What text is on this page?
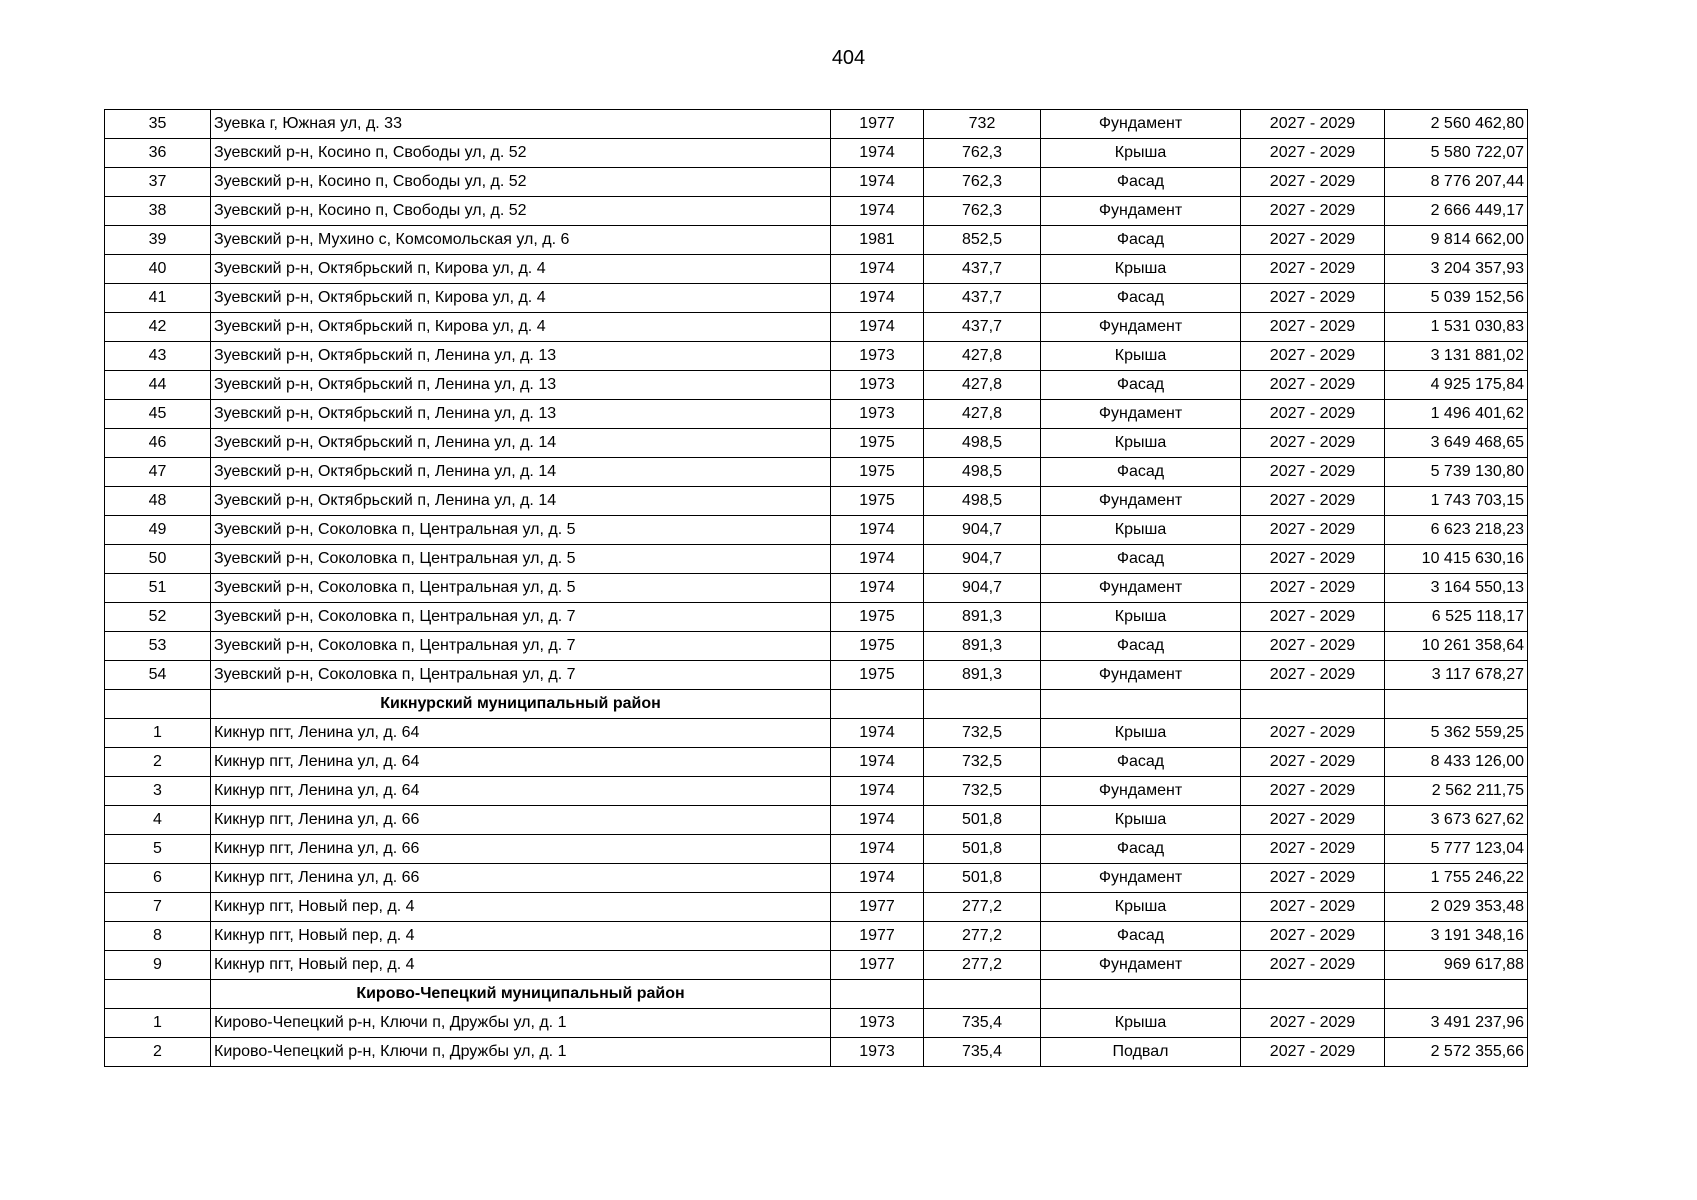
404
35	Зуевка г, Южная ул, д. 33	1977	732	Фундамент	2027 - 2029	2 560 462,80
36	Зуевский р-н, Косино п, Свободы ул, д. 52	1974	762,3	Крыша	2027 - 2029	5 580 722,07
37	Зуевский р-н, Косино п, Свободы ул, д. 52	1974	762,3	Фасад	2027 - 2029	8 776 207,44
38	Зуевский р-н, Косино п, Свободы ул, д. 52	1974	762,3	Фундамент	2027 - 2029	2 666 449,17
39	Зуевский р-н, Мухино с, Комсомольская ул, д. 6	1981	852,5	Фасад	2027 - 2029	9 814 662,00
40	Зуевский р-н, Октябрьский п, Кирова ул, д. 4	1974	437,7	Крыша	2027 - 2029	3 204 357,93
41	Зуевский р-н, Октябрьский п, Кирова ул, д. 4	1974	437,7	Фасад	2027 - 2029	5 039 152,56
42	Зуевский р-н, Октябрьский п, Кирова ул, д. 4	1974	437,7	Фундамент	2027 - 2029	1 531 030,83
43	Зуевский р-н, Октябрьский п, Ленина ул, д. 13	1973	427,8	Крыша	2027 - 2029	3 131 881,02
44	Зуевский р-н, Октябрьский п, Ленина ул, д. 13	1973	427,8	Фасад	2027 - 2029	4 925 175,84
45	Зуевский р-н, Октябрьский п, Ленина ул, д. 13	1973	427,8	Фундамент	2027 - 2029	1 496 401,62
46	Зуевский р-н, Октябрьский п, Ленина ул, д. 14	1975	498,5	Крыша	2027 - 2029	3 649 468,65
47	Зуевский р-н, Октябрьский п, Ленина ул, д. 14	1975	498,5	Фасад	2027 - 2029	5 739 130,80
48	Зуевский р-н, Октябрьский п, Ленина ул, д. 14	1975	498,5	Фундамент	2027 - 2029	1 743 703,15
49	Зуевский р-н, Соколовка п, Центральная ул, д. 5	1974	904,7	Крыша	2027 - 2029	6 623 218,23
50	Зуевский р-н, Соколовка п, Центральная ул, д. 5	1974	904,7	Фасад	2027 - 2029	10 415 630,16
51	Зуевский р-н, Соколовка п, Центральная ул, д. 5	1974	904,7	Фундамент	2027 - 2029	3 164 550,13
52	Зуевский р-н, Соколовка п, Центральная ул, д. 7	1975	891,3	Крыша	2027 - 2029	6 525 118,17
53	Зуевский р-н, Соколовка п, Центральная ул, д. 7	1975	891,3	Фасад	2027 - 2029	10 261 358,64
54	Зуевский р-н, Соколовка п, Центральная ул, д. 7	1975	891,3	Фундамент	2027 - 2029	3 117 678,27
	Кикнурский муниципальный район					
1	Кикнур пгт, Ленина ул, д. 64	1974	732,5	Крыша	2027 - 2029	5 362 559,25
2	Кикнур пгт, Ленина ул, д. 64	1974	732,5	Фасад	2027 - 2029	8 433 126,00
3	Кикнур пгт, Ленина ул, д. 64	1974	732,5	Фундамент	2027 - 2029	2 562 211,75
4	Кикнур пгт, Ленина ул, д. 66	1974	501,8	Крыша	2027 - 2029	3 673 627,62
5	Кикнур пгт, Ленина ул, д. 66	1974	501,8	Фасад	2027 - 2029	5 777 123,04
6	Кикнур пгт, Ленина ул, д. 66	1974	501,8	Фундамент	2027 - 2029	1 755 246,22
7	Кикнур пгт, Новый пер, д. 4	1977	277,2	Крыша	2027 - 2029	2 029 353,48
8	Кикнур пгт, Новый пер, д. 4	1977	277,2	Фасад	2027 - 2029	3 191 348,16
9	Кикнур пгт, Новый пер, д. 4	1977	277,2	Фундамент	2027 - 2029	969 617,88
	Кирово-Чепецкий муниципальный район					
1	Кирово-Чепецкий р-н, Ключи п, Дружбы ул, д. 1	1973	735,4	Крыша	2027 - 2029	3 491 237,96
2	Кирово-Чепецкий р-н, Ключи п, Дружбы ул, д. 1	1973	735,4	Подвал	2027 - 2029	2 572 355,66
